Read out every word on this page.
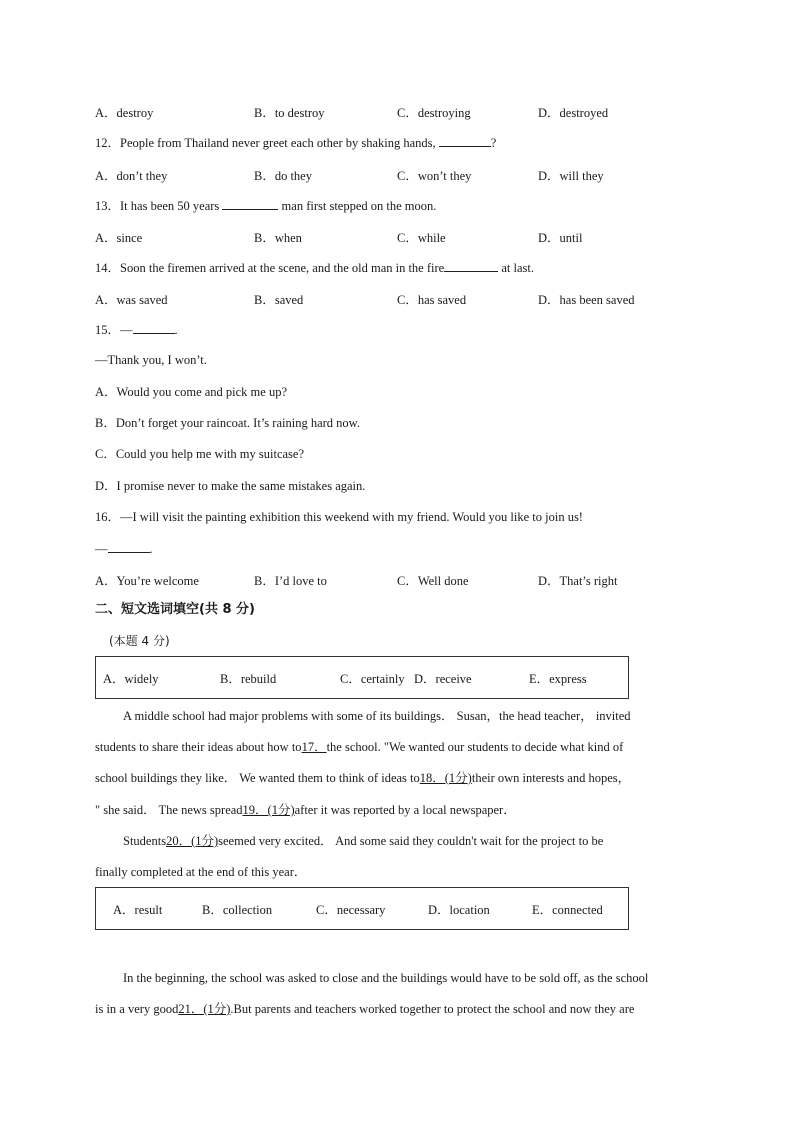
A．destroy	B．to destroy	C．destroying	D．destroyed
12．People from Thailand never greet each other by shaking hands,	?
A．don’t they	B．do they	C．won’t they	D．will they
13．It has been 50 years	man first stepped on the moon.
A．since	B．when	C．while	D．until
14．Soon the firemen arrived at the scene, and the old man in the fire	at last.
A．was saved	B．saved	C．has saved	D．has been saved
15．—	.
—Thank you, I won’t.
A．Would you come and pick me up?
B．Don’t forget your raincoat. It’s raining hard now.
C．Could you help me with my suitcase?
D．I promise never to make the same mistakes again.
16．—I will visit the painting exhibition this weekend with my friend. Would you like to join us!
—	.
A．You’re welcome	B．I’d love to	C．Well done	D．That’s right
二、短文选词填空(共 8 分)
(本题 4 分)
A．widely	B．rebuild	C．certainly D．receive	E．express
A middle school had major problems with some of its buildings． Susan，the head teacher， invited
students to share their ideas about how to17．the school. "We wanted our students to decide what kind of
school buildings they like． We wanted them to think of ideas to18．(1分)their own interests and hopes，
" she said． The news spread19．(1分)after it was reported by a local newspaper．
Students20．(1分)seemed very excited． And some said they couldn't wait for the project to be
finally completed at the end of this year．
A．result	B．collection	C．necessary	D．location	E．connected
In the beginning, the school was asked to close and the buildings would have to be sold off, as the school
is in a very good21．(1分).But parents and teachers worked together to protect the school and now they are
